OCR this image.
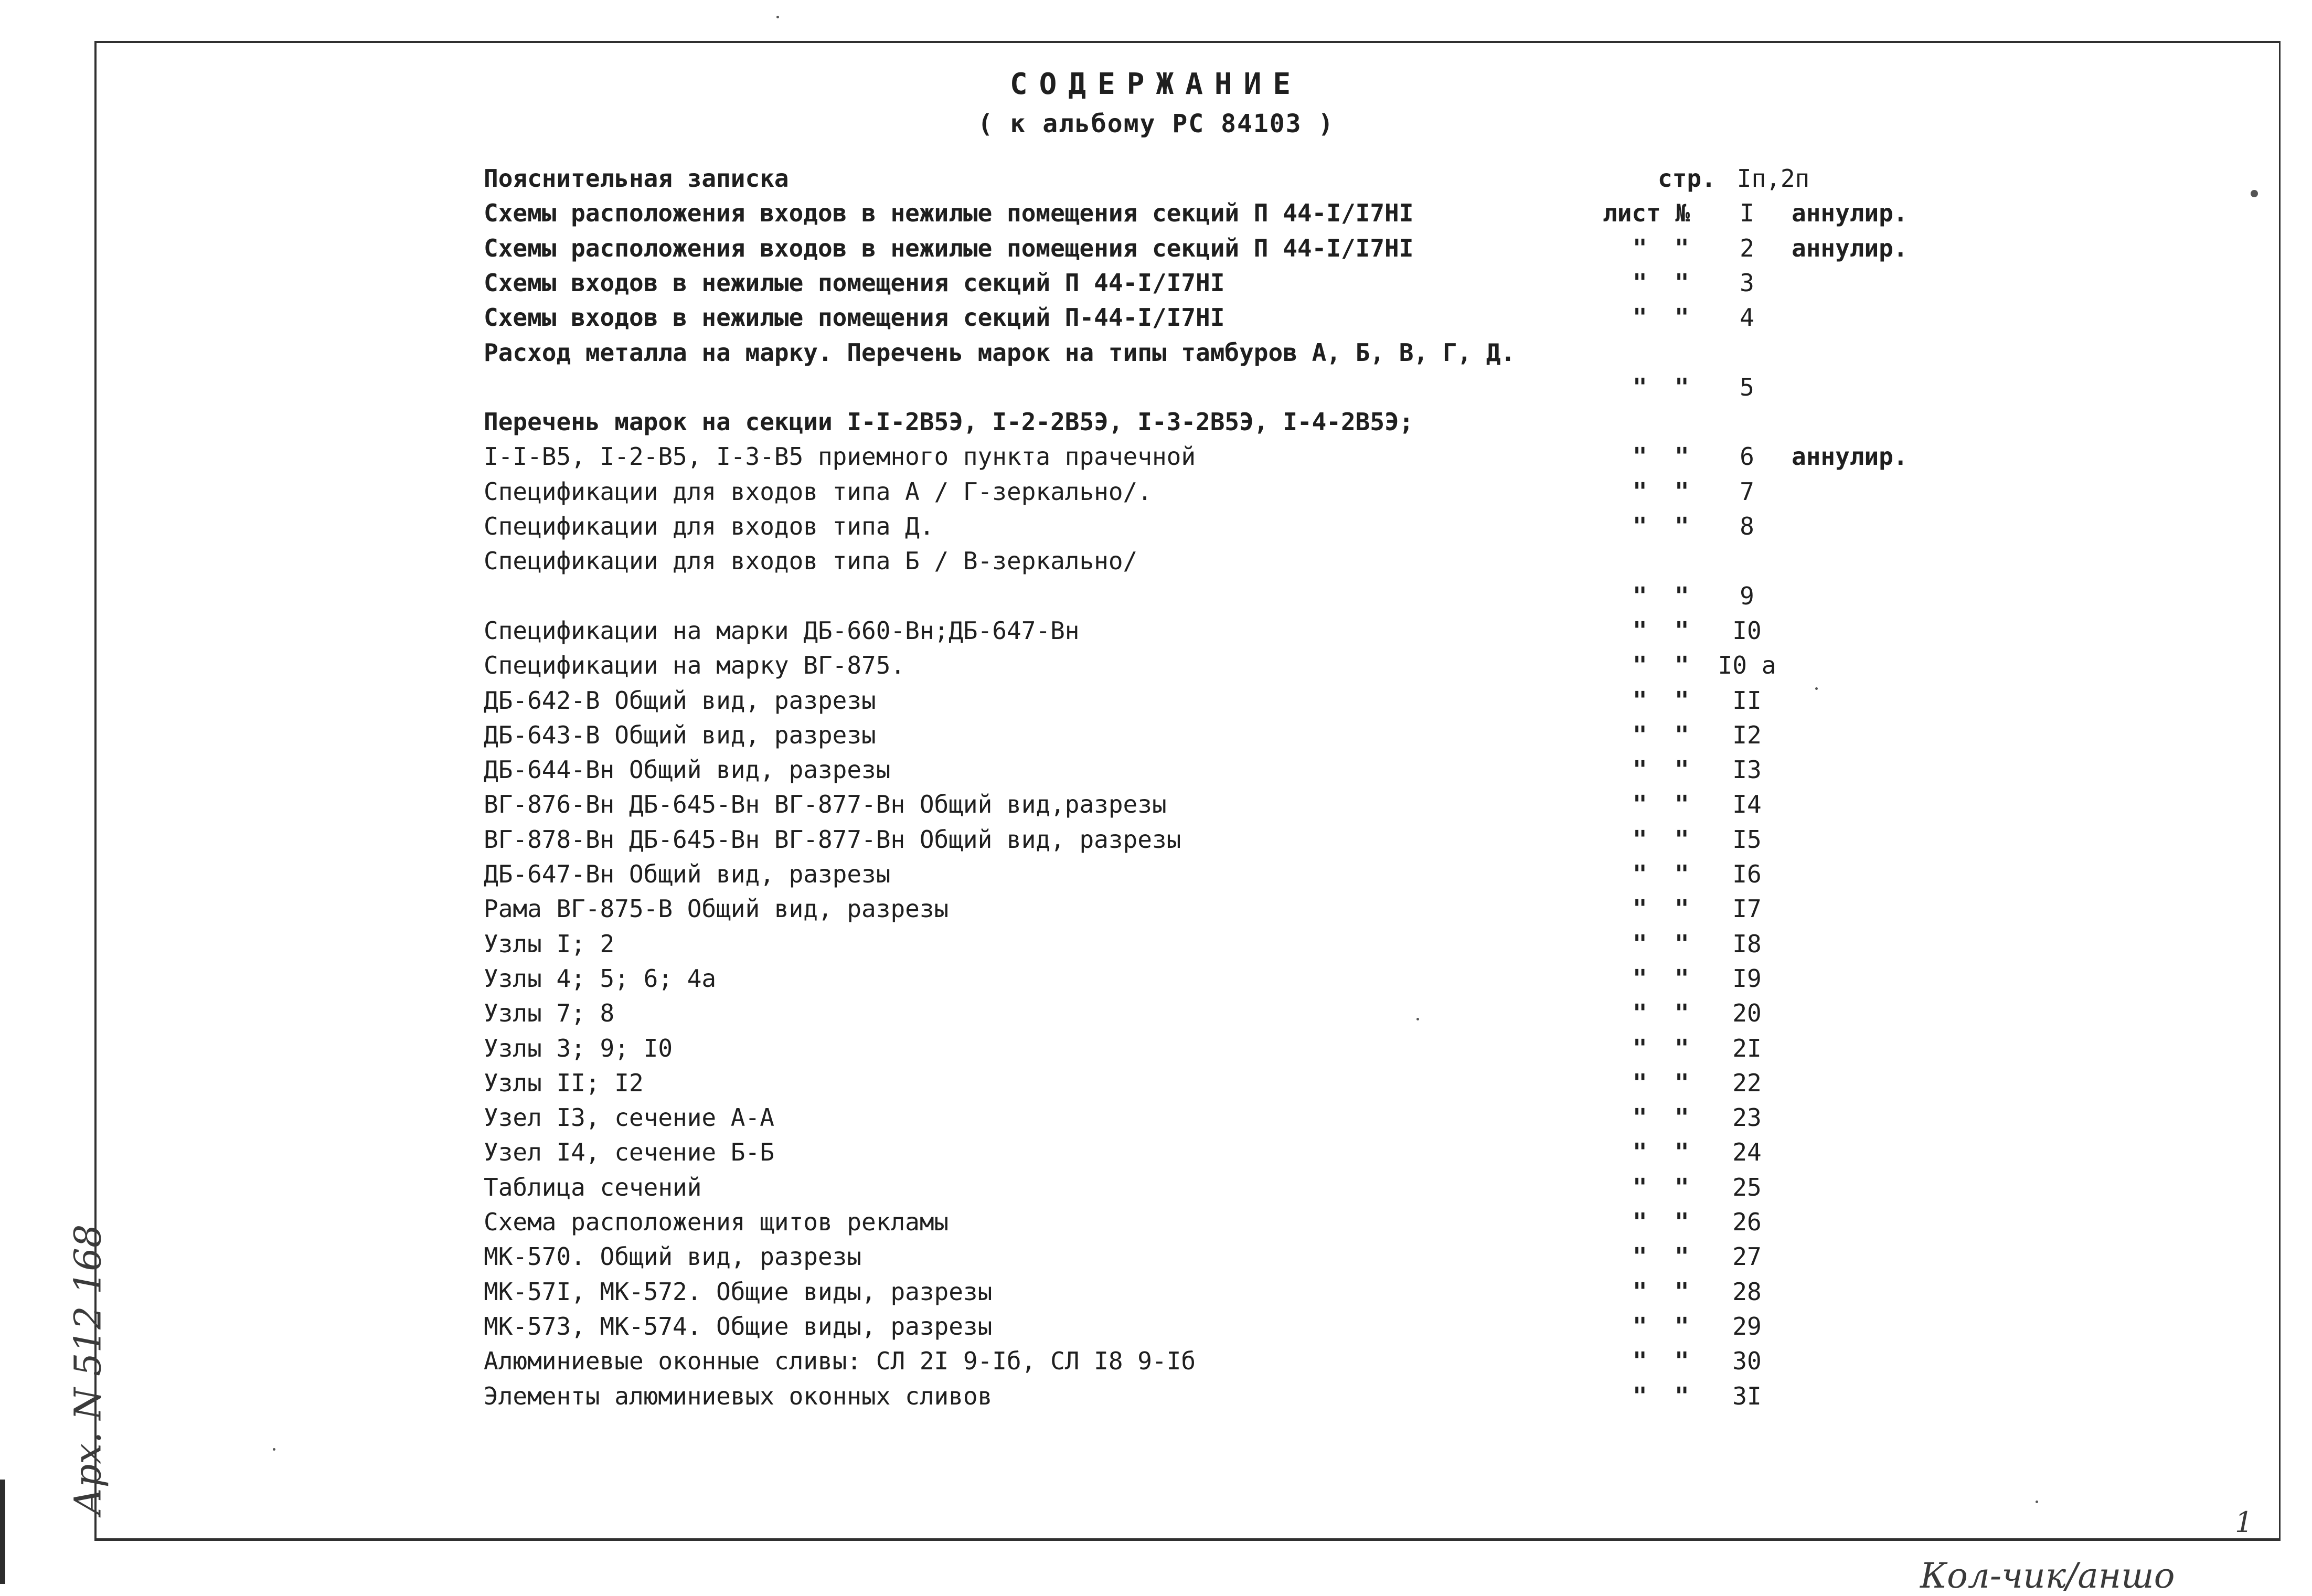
СОДЕРЖАНИЕ
( к альбому РС 84103 )
Пояснительная записка	стр. Iп,2п
Схемы расположения входов в нежилые помещения секций П 44-I/I7НI	лист №	I	аннулир.
Схемы расположения входов в нежилые помещения секций П 44-I/I7НI	" "	2	аннулир.
Схемы входов в нежилые помещения секций П 44-I/I7НI	" "	3
Схемы входов в нежилые помещения секций П-44-I/I7НI	" "	4
Расход металла на марку. Перечень марок на типы тамбуров А, Б, В, Г, Д.
" "	5
Перечень марок на секции I-I-2В5Э, I-2-2В5Э, I-3-2В5Э, I-4-2В5Э;
I-I-В5, I-2-В5, I-3-В5 приемного пункта прачечной	" "	6	аннулир.
Спецификации для входов типа А / Г-зеркально/.	" "	7
Спецификации для входов типа Д.	" "	8
Спецификации для входов типа Б / В-зеркально/
" "	9
Спецификации на марки ДБ-660-Вн;ДБ-647-Вн	" "	I0
Спецификации на марку ВГ-875.	" " I0 а
ДБ-642-В Общий вид, разрезы	" "	II
ДБ-643-В Общий вид, разрезы	" "	I2
ДБ-644-Вн Общий вид, разрезы	" "	I3
ВГ-876-Вн ДБ-645-Вн ВГ-877-Вн Общий вид,разрезы	" "	I4
ВГ-878-Вн ДБ-645-Вн ВГ-877-Вн Общий вид, разрезы	" "	I5
ДБ-647-Вн Общий вид, разрезы	" "	I6
Рама ВГ-875-В Общий вид, разрезы	" "	I7
Узлы I; 2	" "	I8
Узлы 4; 5; 6; 4а	" "	I9
Узлы 7; 8	" "	20
Узлы 3; 9; I0	" "	2I
Узлы II; I2	" "	22
Узел I3, сечение А-А	" "	23
Узел I4, сечение Б-Б	" "	24
Таблица сечений	" "	25
Схема расположения щитов рекламы	" "	26
МК-570. Общий вид, разрезы	" "	27
МК-57I, МК-572. Общие виды, разрезы	" "	28
МК-573, МК-574. Общие виды, разрезы	" "	29
Алюминиевые оконные сливы: СЛ 2I 9-Iб, СЛ I8 9-Iб	" "	30
Элементы алюминиевых оконных сливов	" "	3I
Арх. N 512 168
Кол-чик/аншо
1
